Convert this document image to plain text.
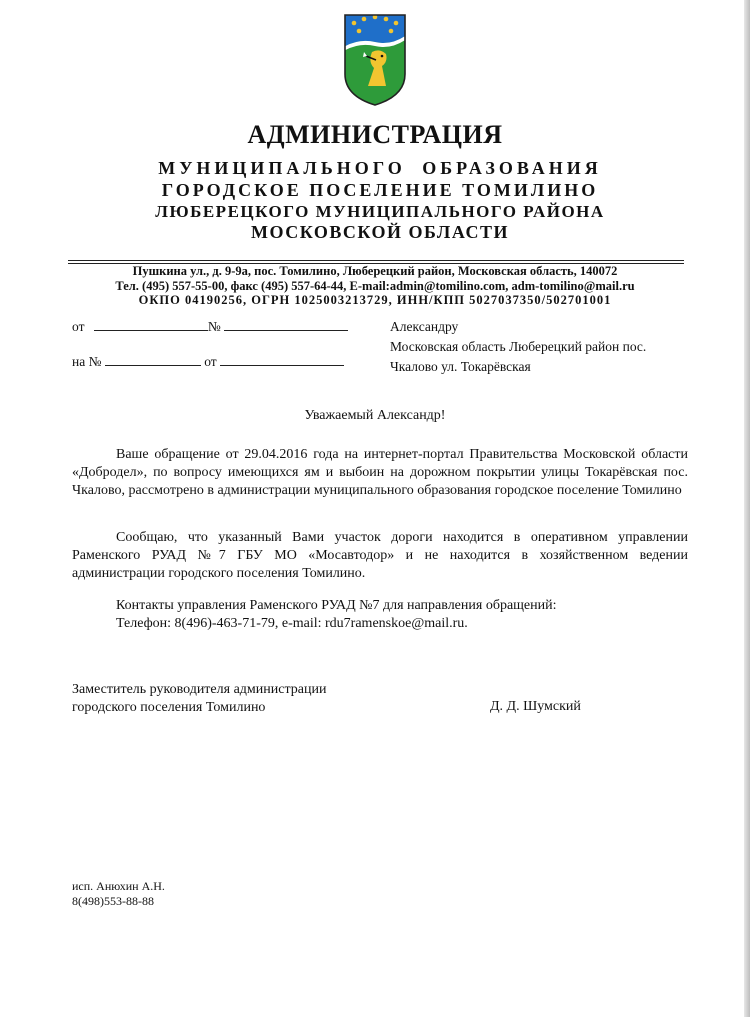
АДМИНИСТРАЦИЯ
МУНИЦИПАЛЬНОГО ОБРАЗОВАНИЯ
ГОРОДСКОЕ ПОСЕЛЕНИЕ ТОМИЛИНО
ЛЮБЕРЕЦКОГО МУНИЦИПАЛЬНОГО РАЙОНА
МОСКОВСКОЙ ОБЛАСТИ
Пушкина ул., д. 9-9а, пос. Томилино, Люберецкий район, Московская область, 140072
Тел. (495) 557-55-00, факс (495) 557-64-44, E-mail:admin@tomilino.com, adm-tomilino@mail.ru
ОКПО 04190256, ОГРН 1025003213729, ИНН/КПП 5027037350/502701001
от	№
на №	от
Александру
Московская область Люберецкий район пос.
Чкалово ул. Токарёвская
Уважаемый Александр!

Ваше обращение от 29.04.2016 года на интернет-портал Правительства Московской области «Добродел», по вопросу имеющихся ям и выбоин на дорожном покрытии улицы Токарёвская пос. Чкалово, рассмотрено в администрации муниципального образования городское поселение Томилино

Сообщаю, что указанный Вами участок дороги находится в оперативном управлении Раменского РУАД №7 ГБУ МО «Мосавтодор» и не находится в хозяйственном ведении администрации городского поселения Томилино.

Контакты управления Раменского РУАД №7 для направления обращений:
Телефон: 8(496)-463-71-79, e-mail: rdu7ramenskoe@mail.ru.
Заместитель руководителя администрации
городского поселения Томилино	Д. Д. Шумский
исп. Анюхин А.Н.
8(498)553-88-88
